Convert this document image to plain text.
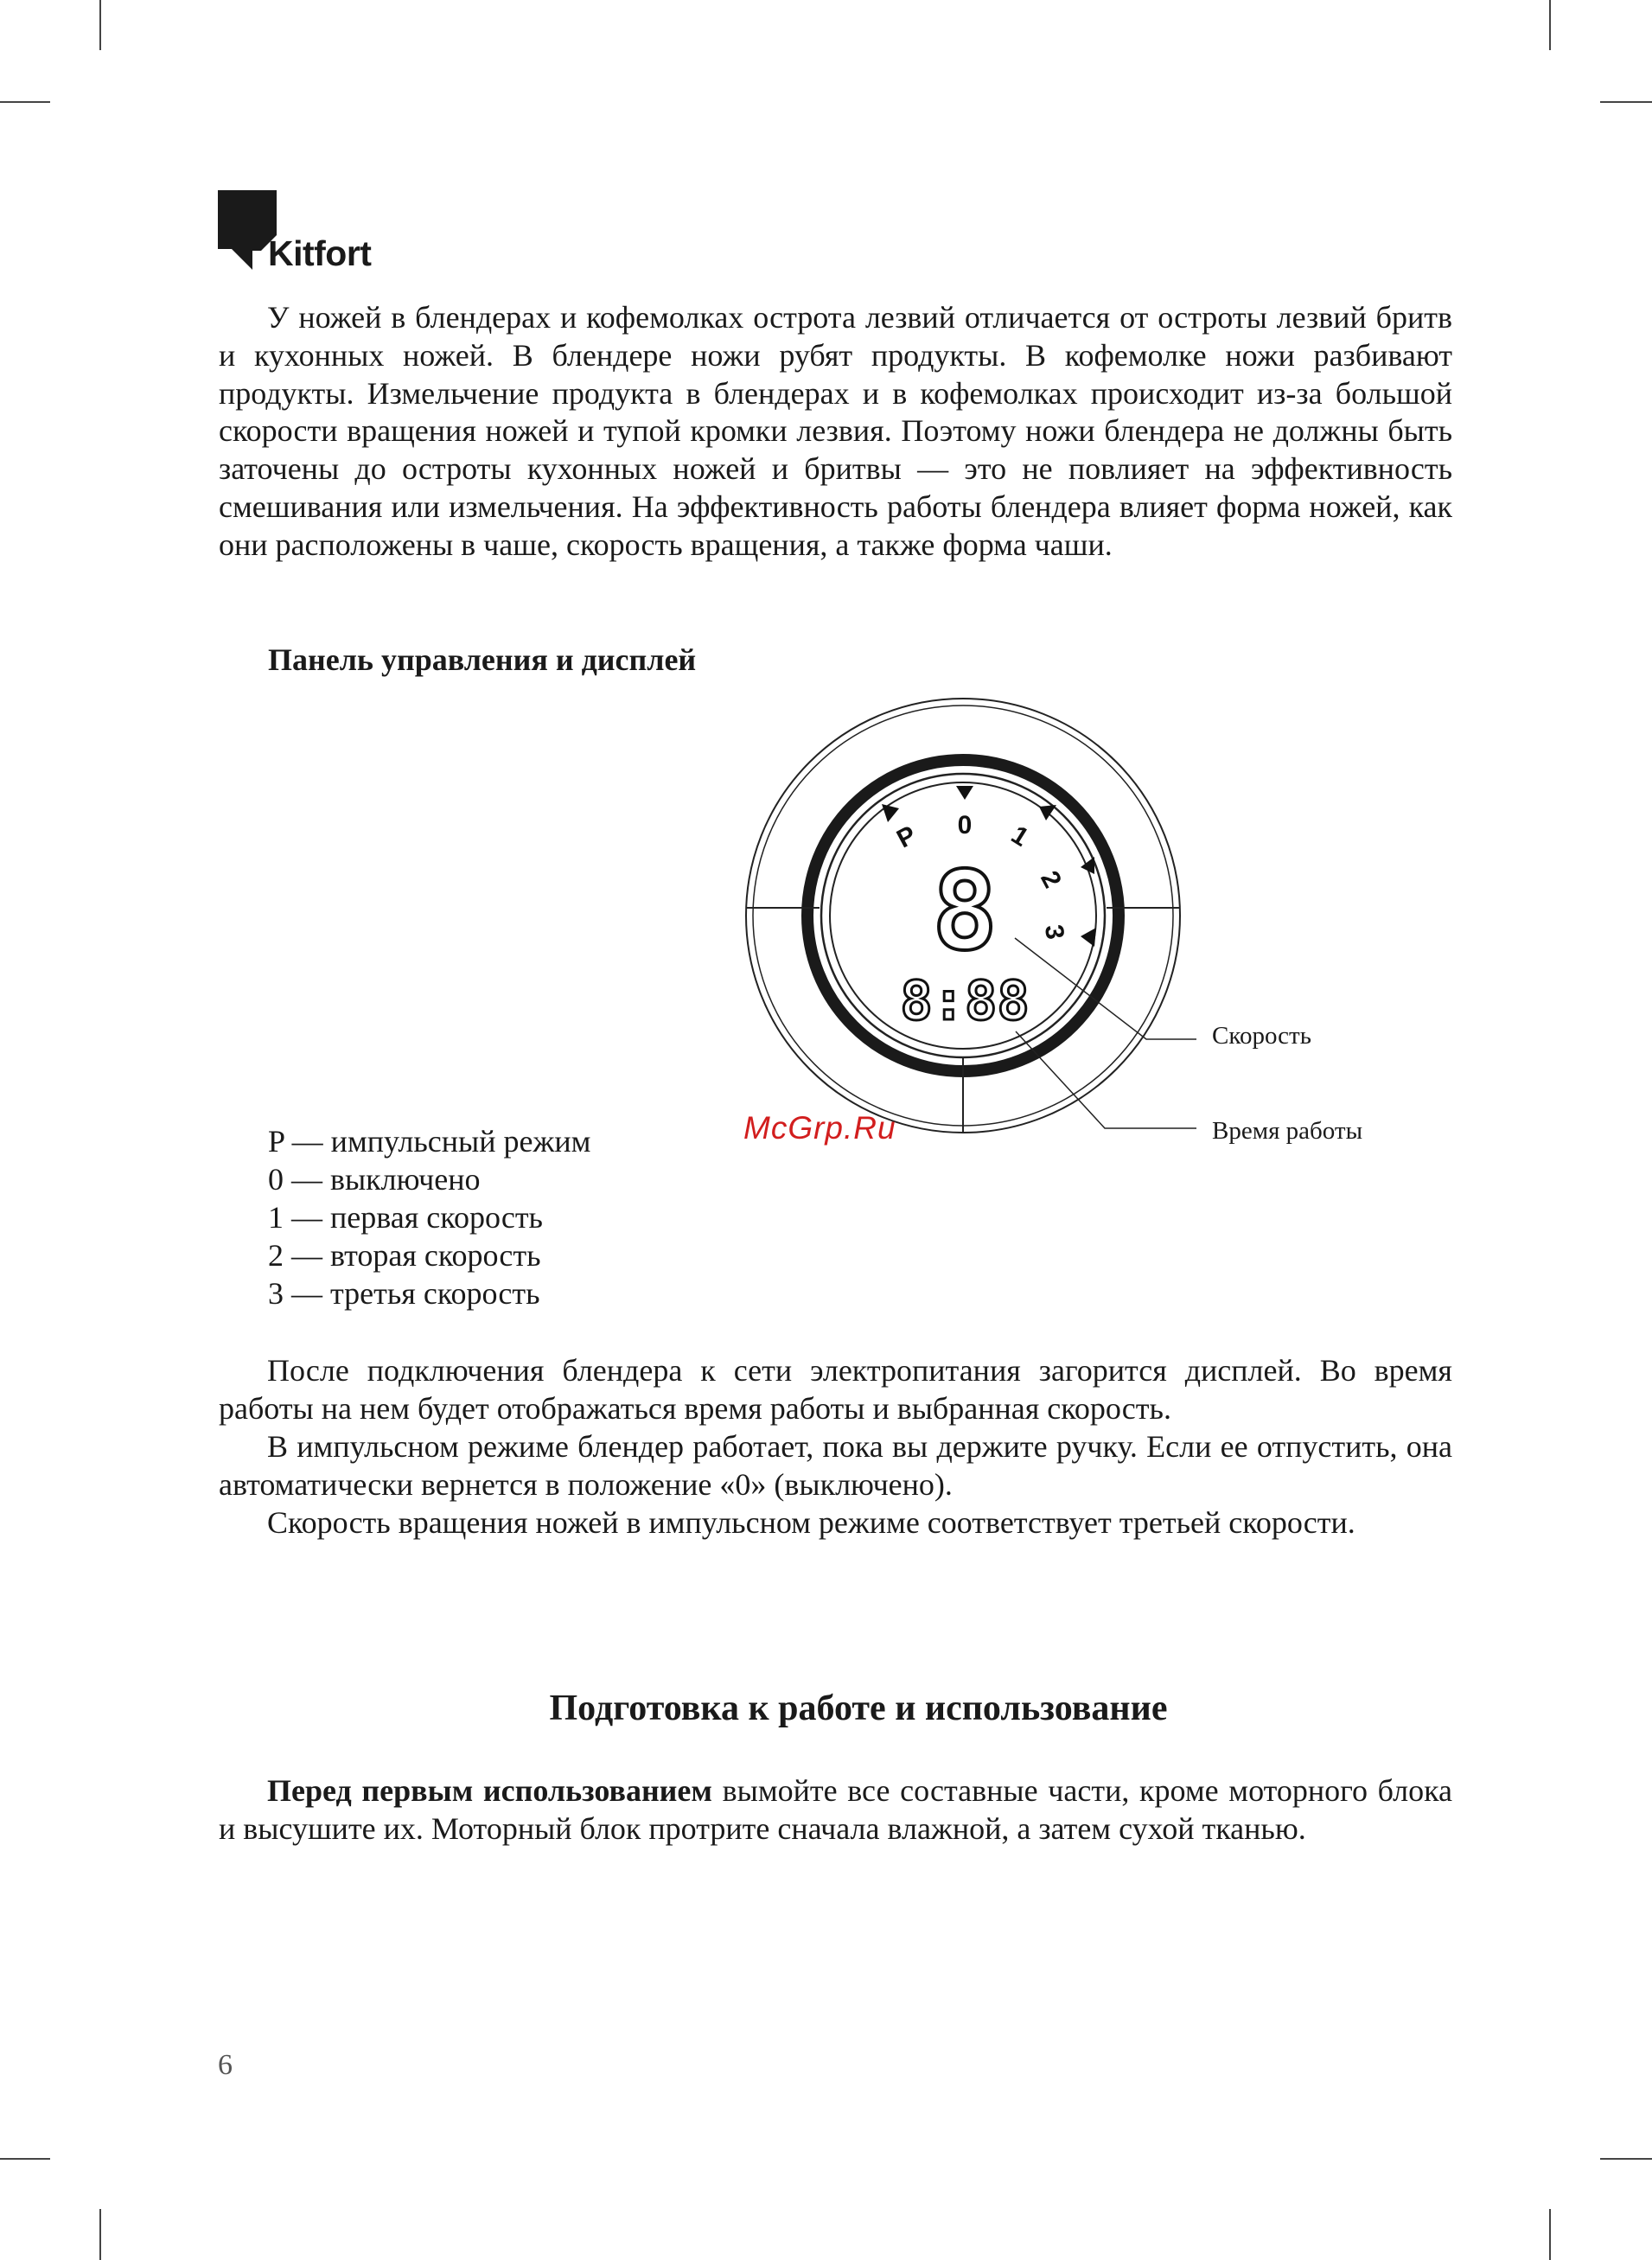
Kitfort

У ножей в блендерах и кофемолках острота лезвий отличается от остроты лезвий бритв и кухонных ножей. В блендере ножи рубят продукты. В кофемолке ножи разбивают продукты. Измельчение продукта в блендерах и в кофемолках происходит из-за большой скорости вращения ножей и тупой кромки лезвия. Поэтому ножи блендера не должны быть заточены до остроты кухонных ножей и бритвы — это не повлияет на эффективность смешивания или измельчения. На эффективность работы блендера влияет форма ножей, как они расположены в чаше, скорость вращения, а также форма чаши.

Панель управления и дисплей

P 0 1
2
3
8
8:88
Скорость
Время работы
McGrp.Ru
P — импульсный режим
0 — выключено
1 — первая скорость
2 — вторая скорость
3 — третья скорость

После подключения блендера к сети электропитания загорится дисплей. Во время работы на нем будет отображаться время работы и выбранная скорость.

В импульсном режиме блендер работает, пока вы держите ручку. Если ее отпустить, она автоматически вернется в положение «0» (выключено).

Скорость вращения ножей в импульсном режиме соответствует третьей скорости.

Подготовка к работе и использование

Перед первым использованием вымойте все составные части, кроме моторного блока и высушите их. Моторный блок протрите сначала влажной, а затем сухой тканью.

6
